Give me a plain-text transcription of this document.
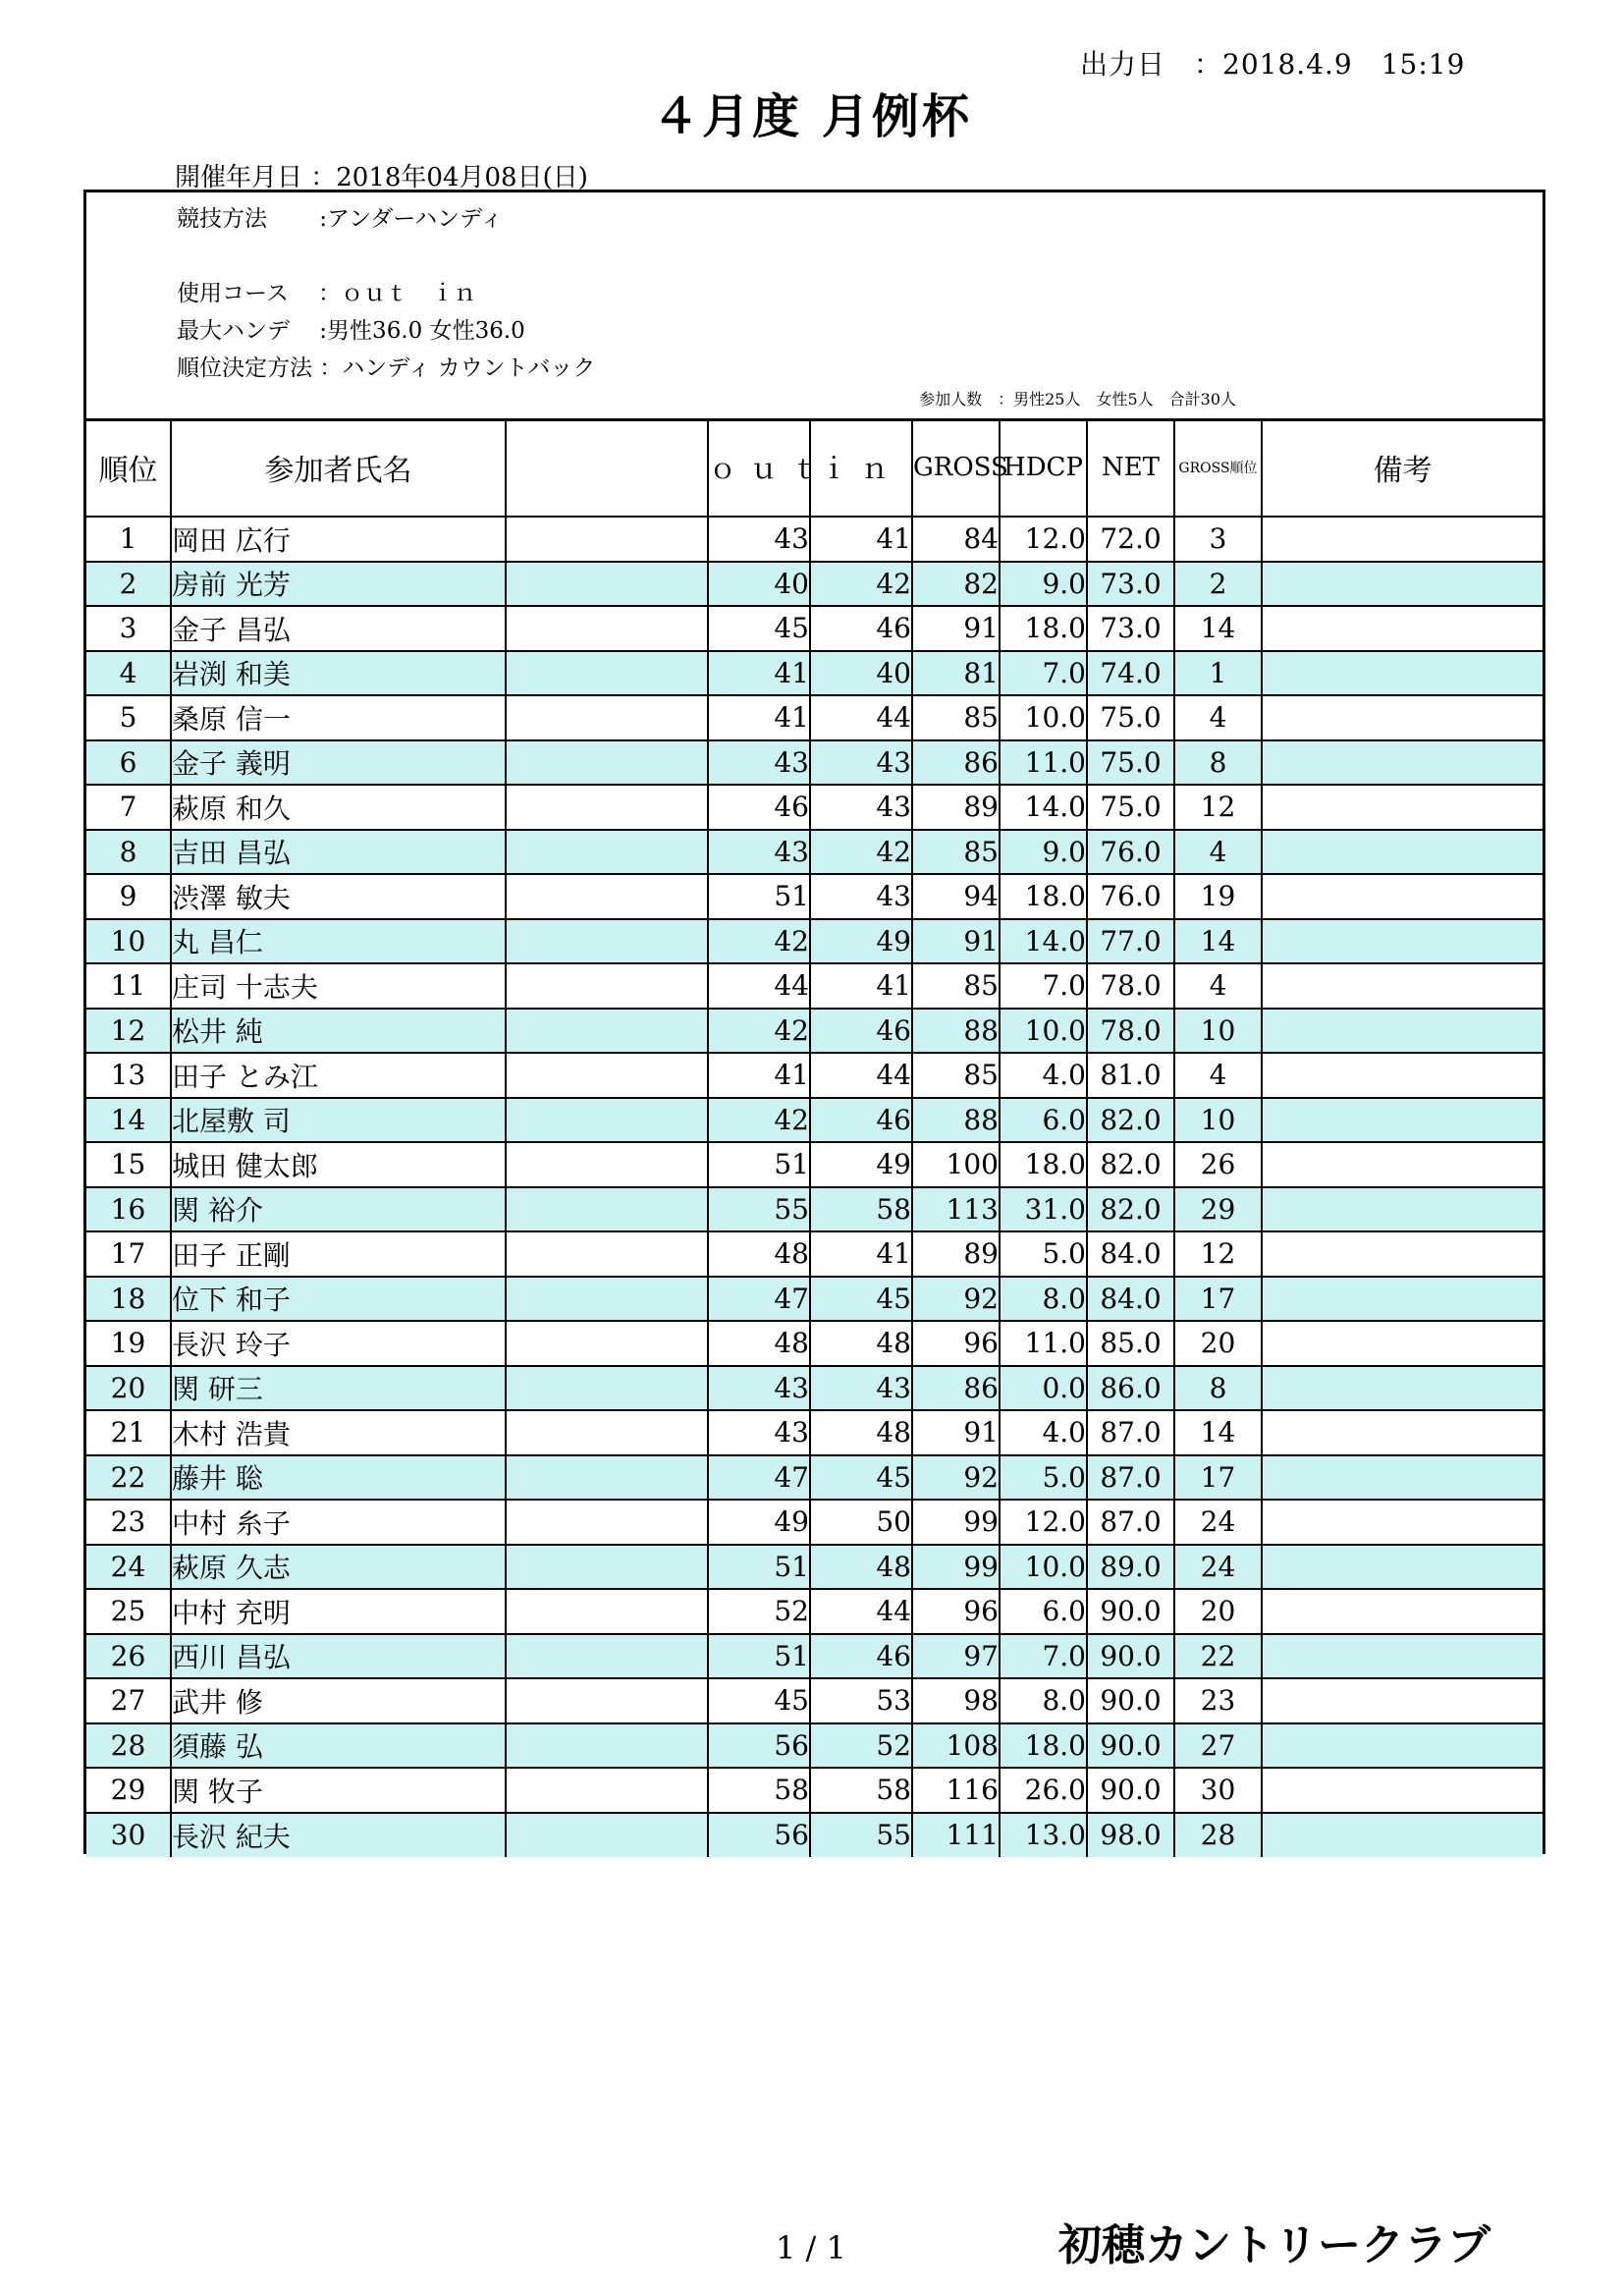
出力日　：2018.4.9　15:19
４月度 月例杯
開催年月日 ：2018年04月08日(日)
競技方法　　 :アンダーハンディ
使用コース　 ：ｏｕｔ　ｉｎ
最大ハンデ　 :男性36.0 女性36.0
順位決定方法 ：ハンディ カウントバック
参加人数　：男性25人　女性5人　合計30人
順位	参加者氏名		ｏｕｔ	ｉｎ	GROSS	HDCP	NET	GROSS順位	備考
1	岡田 広行		43	41	84	12.0	72.0	3	
2	房前 光芳		40	42	82	9.0	73.0	2	
3	金子 昌弘		45	46	91	18.0	73.0	14	
4	岩渕 和美		41	40	81	7.0	74.0	1	
5	桑原 信一		41	44	85	10.0	75.0	4	
6	金子 義明		43	43	86	11.0	75.0	8	
7	萩原 和久		46	43	89	14.0	75.0	12	
8	吉田 昌弘		43	42	85	9.0	76.0	4	
9	渋澤 敏夫		51	43	94	18.0	76.0	19	
10	丸 昌仁		42	49	91	14.0	77.0	14	
11	庄司 十志夫		44	41	85	7.0	78.0	4	
12	松井 純		42	46	88	10.0	78.0	10	
13	田子 とみ江		41	44	85	4.0	81.0	4	
14	北屋敷 司		42	46	88	6.0	82.0	10	
15	城田 健太郎		51	49	100	18.0	82.0	26	
16	関 裕介		55	58	113	31.0	82.0	29	
17	田子 正剛		48	41	89	5.0	84.0	12	
18	位下 和子		47	45	92	8.0	84.0	17	
19	長沢 玲子		48	48	96	11.0	85.0	20	
20	関 研三		43	43	86	0.0	86.0	8	
21	木村 浩貴		43	48	91	4.0	87.0	14	
22	藤井 聡		47	45	92	5.0	87.0	17	
23	中村 糸子		49	50	99	12.0	87.0	24	
24	萩原 久志		51	48	99	10.0	89.0	24	
25	中村 充明		52	44	96	6.0	90.0	20	
26	西川 昌弘		51	46	97	7.0	90.0	22	
27	武井 修		45	53	98	8.0	90.0	23	
28	須藤 弘		56	52	108	18.0	90.0	27	
29	関 牧子		58	58	116	26.0	90.0	30	
30	長沢 紀夫		56	55	111	13.0	98.0	28	
1 / 1	初穂カントリークラブ
